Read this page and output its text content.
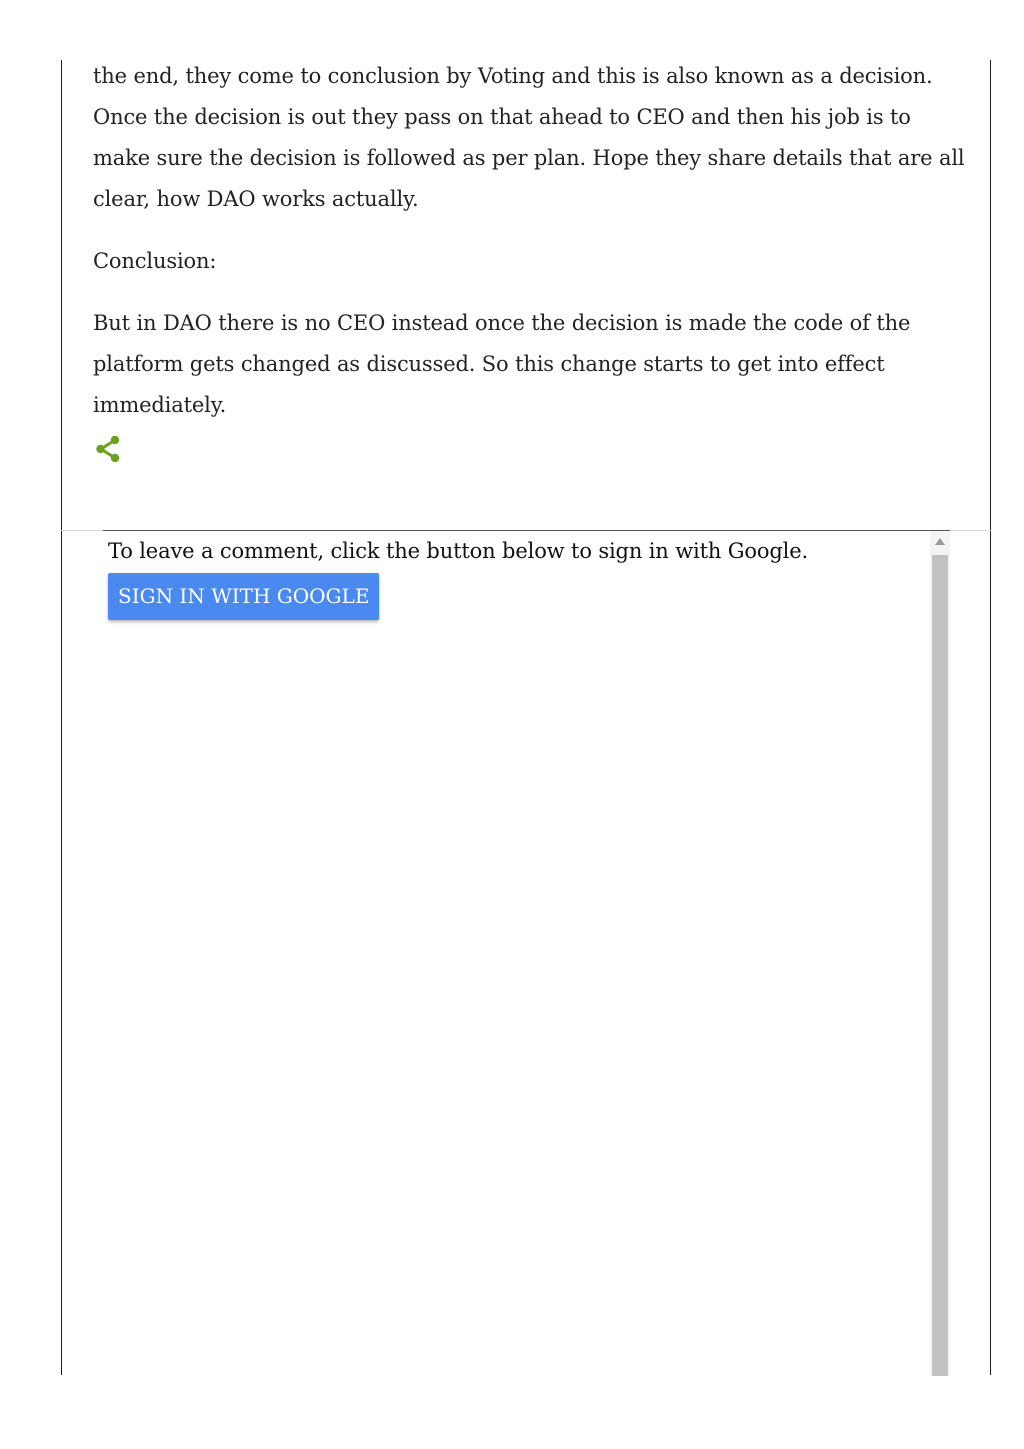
the end, they come to conclusion by Voting and this is also known as a decision. Once the decision is out they pass on that ahead to CEO and then his job is to make sure the decision is followed as per plan. Hope they share details that are all clear, how DAO works actually.

Conclusion:

But in DAO there is no CEO instead once the decision is made the code of the platform gets changed as discussed. So this change starts to get into effect immediately.

To leave a comment, click the button below to sign in with Google.
SIGN IN WITH GOOGLE
